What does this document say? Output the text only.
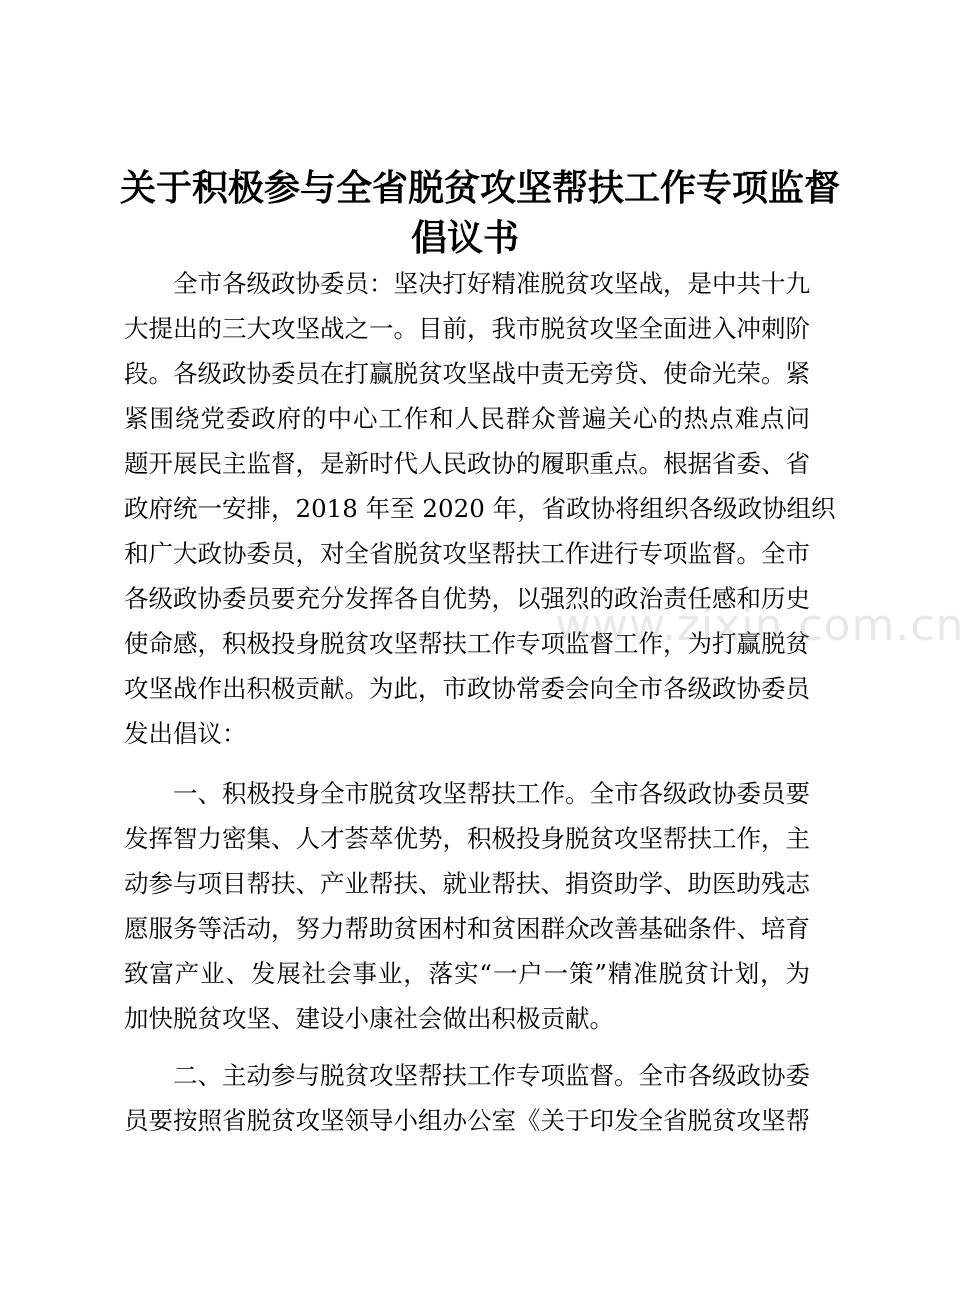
关于积极参与全省脱贫攻坚帮扶工作专项监督
倡议书
全市各级政协委员：坚决打好精准脱贫攻坚战，是中共十九
大提出的三大攻坚战之一。目前，我市脱贫攻坚全面进入冲刺阶
段。各级政协委员在打赢脱贫攻坚战中责无旁贷、使命光荣。紧
紧围绕党委政府的中心工作和人民群众普遍关心的热点难点问
题开展民主监督，是新时代人民政协的履职重点。根据省委、省
政府统一安排，2018 年至 2020 年，省政协将组织各级政协组织
和广大政协委员，对全省脱贫攻坚帮扶工作进行专项监督。全市
各级政协委员要充分发挥各自优势，以强烈的政治责任感和历史
使命感，积极投身脱贫攻坚帮扶工作专项监督工作，为打赢脱贫
攻坚战作出积极贡献。为此，市政协常委会向全市各级政协委员
发出倡议：
一、积极投身全市脱贫攻坚帮扶工作。全市各级政协委员要
发挥智力密集、人才荟萃优势，积极投身脱贫攻坚帮扶工作，主
动参与项目帮扶、产业帮扶、就业帮扶、捐资助学、助医助残志
愿服务等活动，努力帮助贫困村和贫困群众改善基础条件、培育
致富产业、发展社会事业，落实“一户一策”精准脱贫计划，为
加快脱贫攻坚、建设小康社会做出积极贡献。
二、主动参与脱贫攻坚帮扶工作专项监督。全市各级政协委
员要按照省脱贫攻坚领导小组办公室《关于印发全省脱贫攻坚帮
www.zixin.com.cn
